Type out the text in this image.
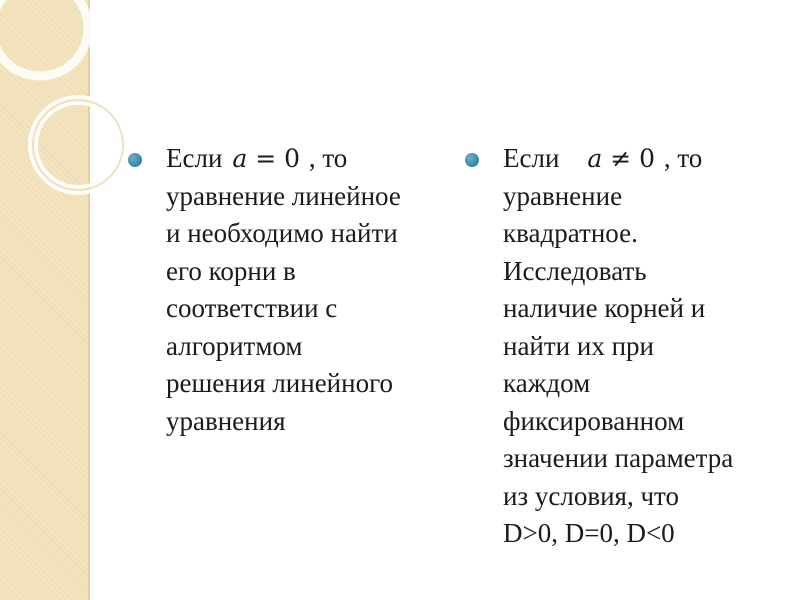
Если a = 0 , то
уравнение линейное
и необходимо найти
его корни в
соответствии с
алгоритмом
решения линейного
уравнения
Если a ≠ 0 , то
уравнение
квадратное.
Исследовать
наличие корней и
найти их при
каждом
фиксированном
значении параметра
из условия, что
D>0, D=0, D<0
